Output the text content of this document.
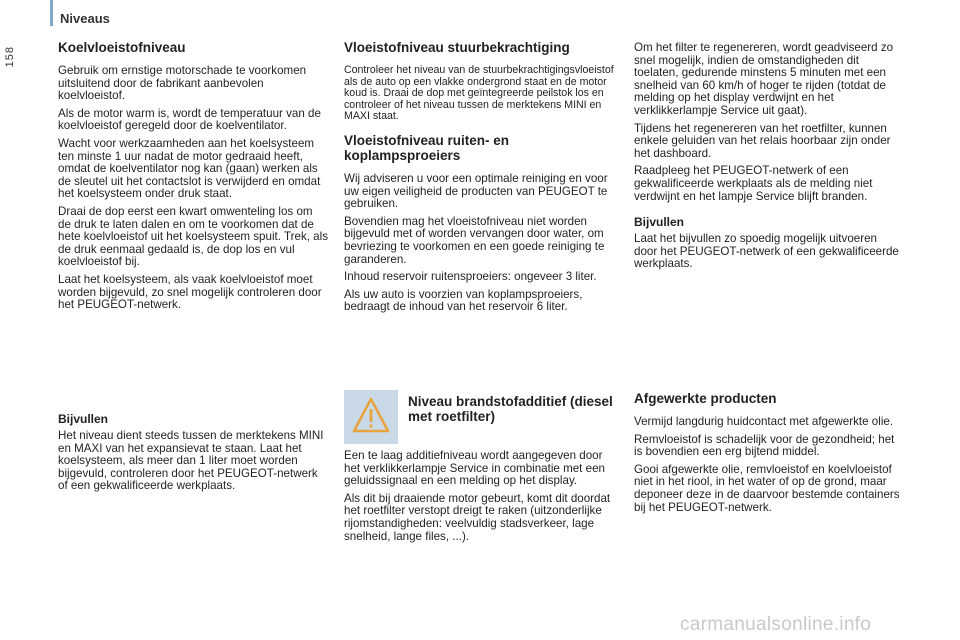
Niveaus
158	Koelvloeistofniveau

Gebruik om ernstige motorschade te voorkomen uitsluitend door de fabrikant aanbevolen koelvloeistof.

Als de motor warm is, wordt de temperatuur van de koelvloeistof geregeld door de koelventilator.

Wacht voor werkzaamheden aan het koelsysteem ten minste 1 uur nadat de motor gedraaid heeft, omdat de koelventilator nog kan (gaan) werken als de sleutel uit het contactslot is verwijderd en omdat het koelsysteem onder druk staat.

Draai de dop eerst een kwart omwenteling los om de druk te laten dalen en om te voorkomen dat de hete koelvloeistof uit het koelsysteem spuit. Trek, als de druk eenmaal gedaald is, de dop los en vul koelvloeistof bij.

Laat het koelsysteem, als vaak koelvloeistof moet worden bijgevuld, zo snel mogelijk controleren door het PEUGEOT-netwerk.

Bijvullen

Het niveau dient steeds tussen de merktekens MINI en MAXI van het expansievat te staan. Laat het koelsysteem, als meer dan 1 liter moet worden bijgevuld, controleren door het PEUGEOT-netwerk of een gekwalificeerde werkplaats.

Vloeistofniveau stuurbekrachtiging

Controleer het niveau van de stuurbekrachtigingsvloeistof als de auto op een vlakke ondergrond staat en de motor koud is. Draai de dop met geïntegreerde peilstok los en controleer of het niveau tussen de merktekens MINI en MAXI staat.

Vloeistofniveau ruiten- en koplampsproeiers

Wij adviseren u voor een optimale reiniging en voor uw eigen veiligheid de producten van PEUGEOT te gebruiken.

Bovendien mag het vloeistofniveau niet worden bijgevuld met of worden vervangen door water, om bevriezing te voorkomen en een goede reiniging te garanderen.

Inhoud reservoir ruitensproeiers: ongeveer 3 liter.

Als uw auto is voorzien van koplampsproeiers, bedraagt de inhoud van het reservoir 6 liter.

Niveau brandstofadditief (diesel met roetfilter)

Een te laag additiefniveau wordt aangegeven door het verklikkerlampje Service in combinatie met een geluidssignaal en een melding op het display.

Als dit bij draaiende motor gebeurt, komt dit doordat het roetfilter verstopt dreigt te raken (uitzonderlijke rijomstandigheden: veelvuldig stadsverkeer, lage snelheid, lange files, ...).

Om het filter te regenereren, wordt geadviseerd zo snel mogelijk, indien de omstandigheden dit toelaten, gedurende minstens 5 minuten met een snelheid van 60 km/h of hoger te rijden (totdat de melding op het display verdwijnt en het verklikkerlampje Service uit gaat).

Tijdens het regenereren van het roetfilter, kunnen enkele geluiden van het relais hoorbaar zijn onder het dashboard.

Raadpleeg het PEUGEOT-netwerk of een gekwalificeerde werkplaats als de melding niet verdwijnt en het lampje Service blijft branden.

Bijvullen

Laat het bijvullen zo spoedig mogelijk uitvoeren door het PEUGEOT-netwerk of een gekwalificeerde werkplaats.

Afgewerkte producten

Vermijd langdurig huidcontact met afgewerkte olie.

Remvloeistof is schadelijk voor de gezondheid; het is bovendien een erg bijtend middel.

Gooi afgewerkte olie, remvloeistof en koelvloeistof niet in het riool, in het water of op de grond, maar deponeer deze in de daarvoor bestemde containers bij het PEUGEOT-netwerk.

carmanualsonline.info
